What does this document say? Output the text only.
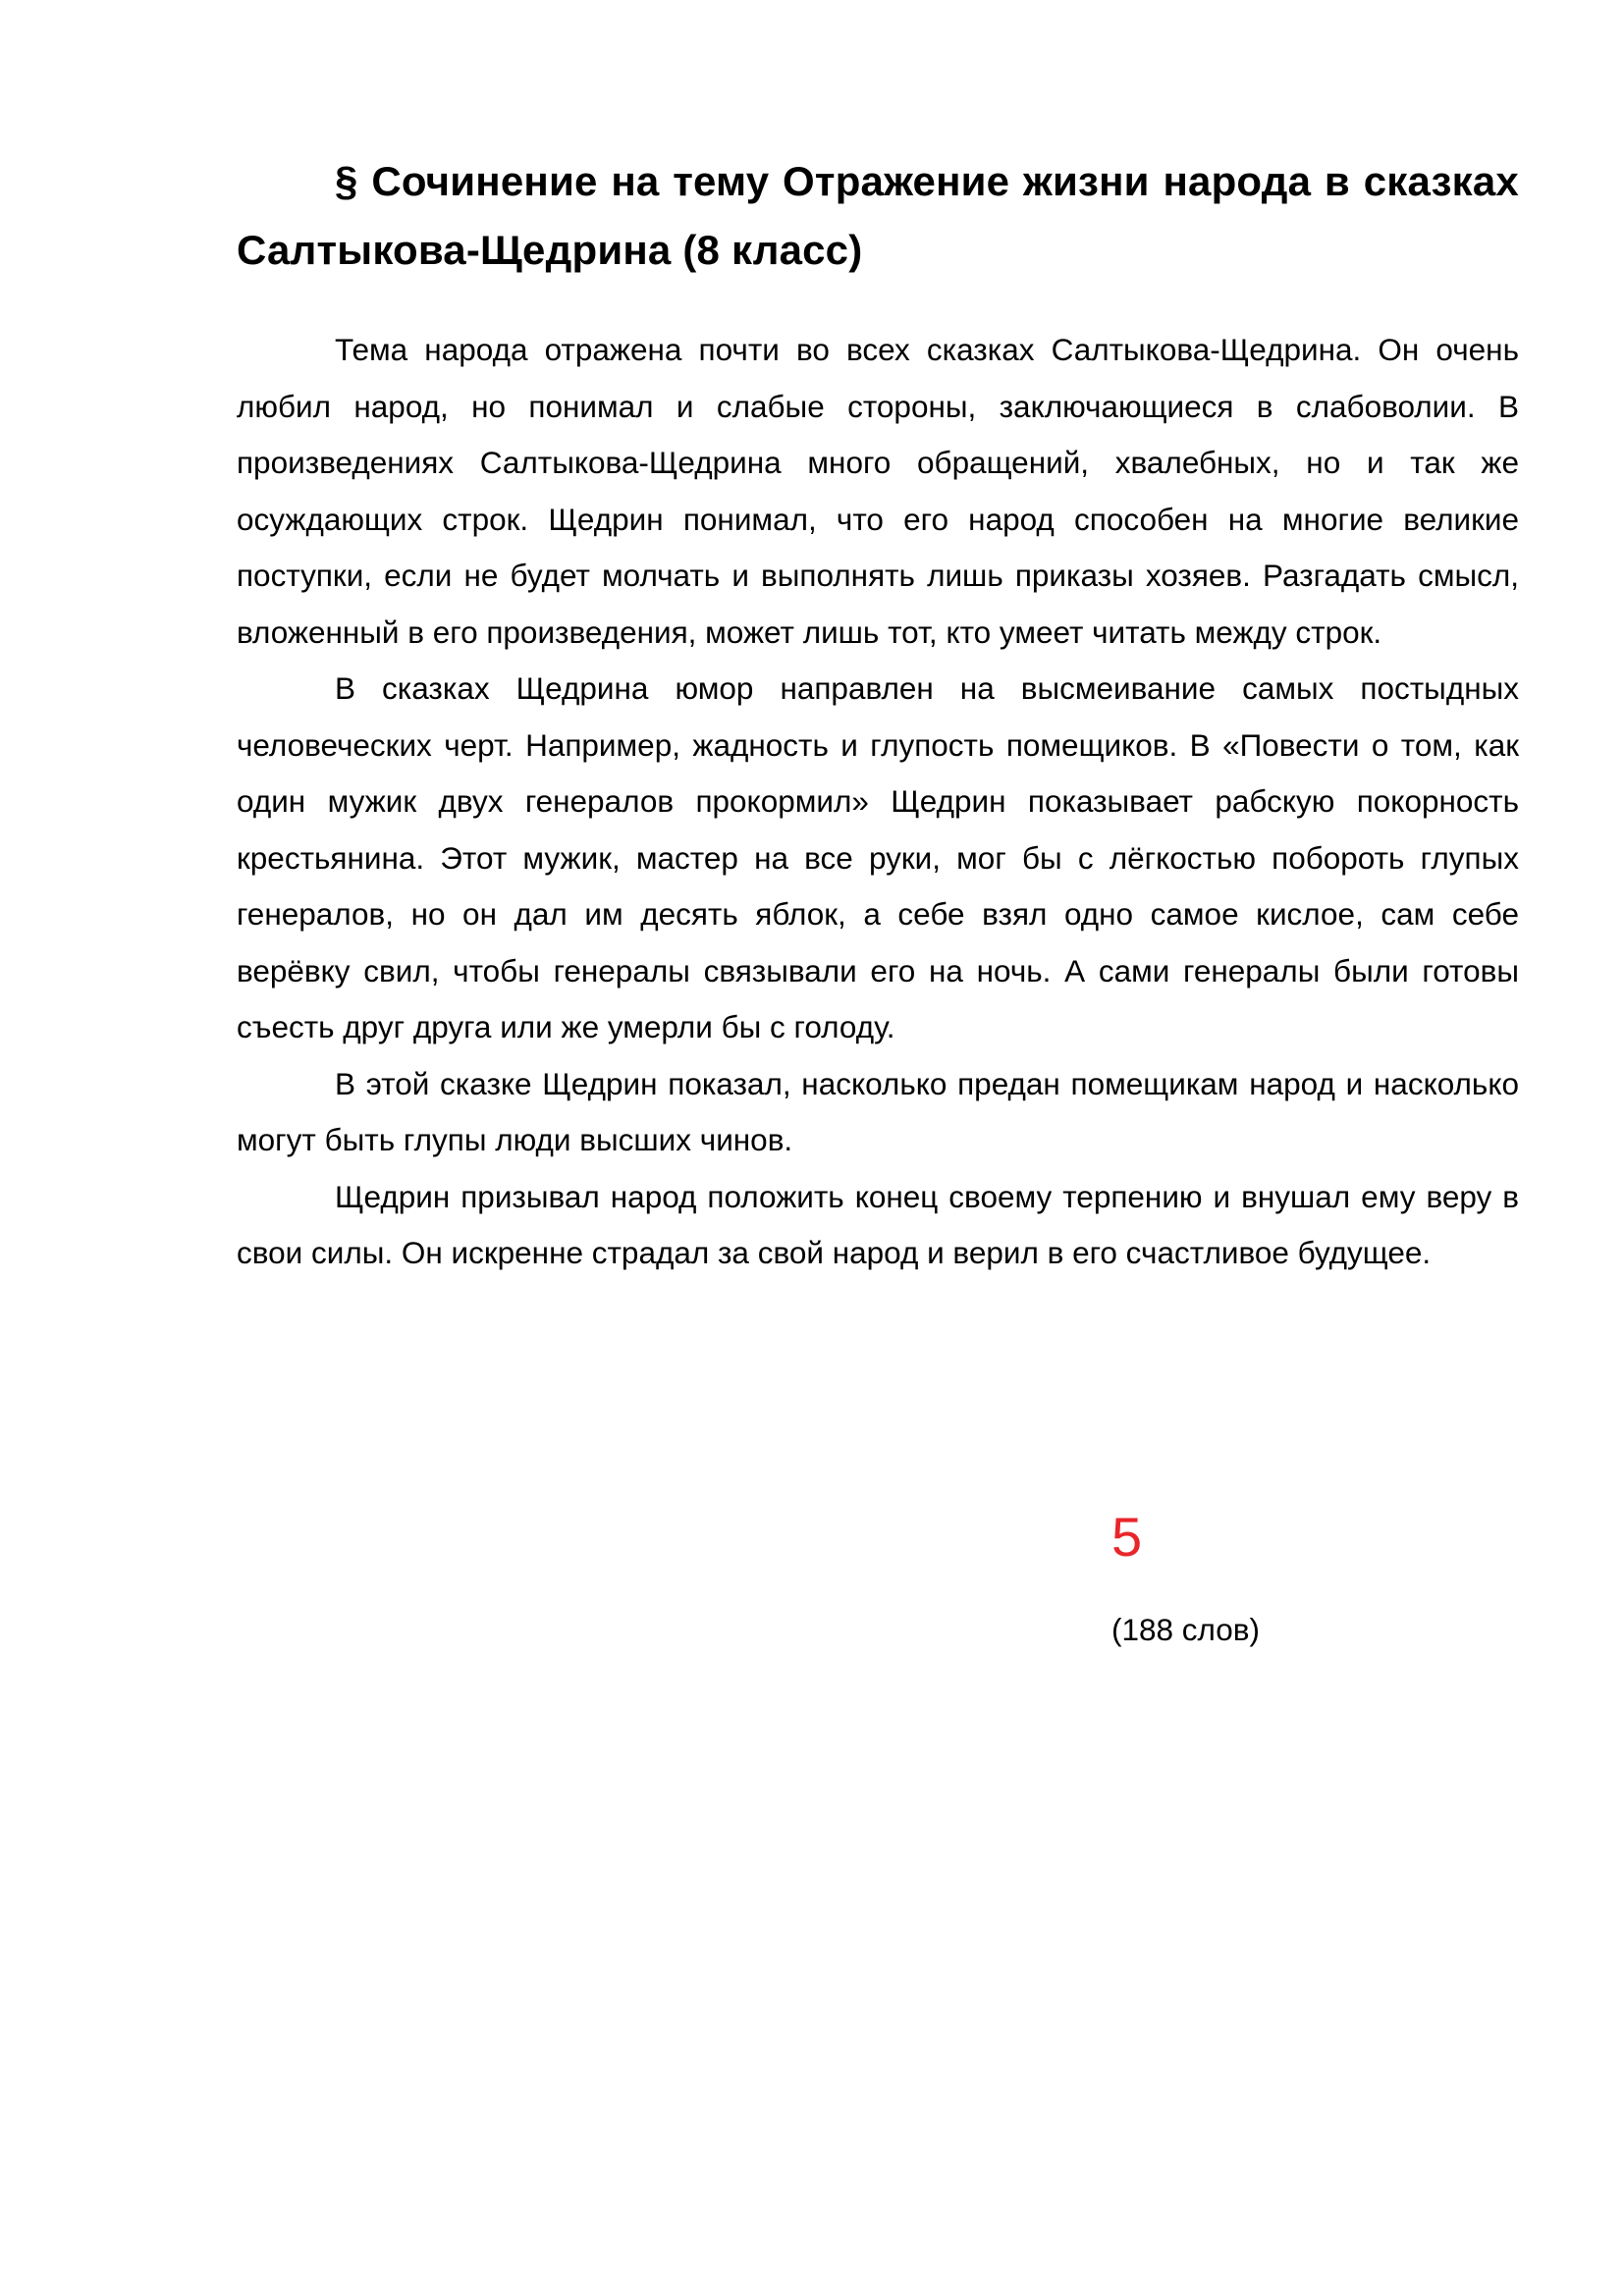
§ Сочинение на тему Отражение жизни народа в сказках Салтыкова-Щедрина (8 класс)

Тема народа отражена почти во всех сказках Салтыкова-Щедрина. Он очень любил народ, но понимал и слабые стороны, заключающиеся в слабоволии. В произведениях Салтыкова-Щедрина много обращений, хвалебных, но и так же осуждающих строк. Щедрин понимал, что его народ способен на многие великие поступки, если не будет молчать и выполнять лишь приказы хозяев. Разгадать смысл, вложенный в его произведения, может лишь тот, кто умеет читать между строк.

В сказках Щедрина юмор направлен на высмеивание самых постыдных человеческих черт. Например, жадность и глупость помещиков. В «Повести о том, как один мужик двух генералов прокормил» Щедрин показывает рабскую покорность крестьянина. Этот мужик, мастер на все руки, мог бы с лёгкостью побороть глупых генералов, но он дал им десять яблок, а себе взял одно самое кислое, сам себе верёвку свил, чтобы генералы связывали его на ночь. А сами генералы были готовы съесть друг друга или же умерли бы с голоду.

В этой сказке Щедрин показал, насколько предан помещикам народ и насколько могут быть глупы люди высших чинов.

Щедрин призывал народ положить конец своему терпению и внушал ему веру в свои силы. Он искренне страдал за свой народ и верил в его счастливое будущее.

5
(188 слов)
